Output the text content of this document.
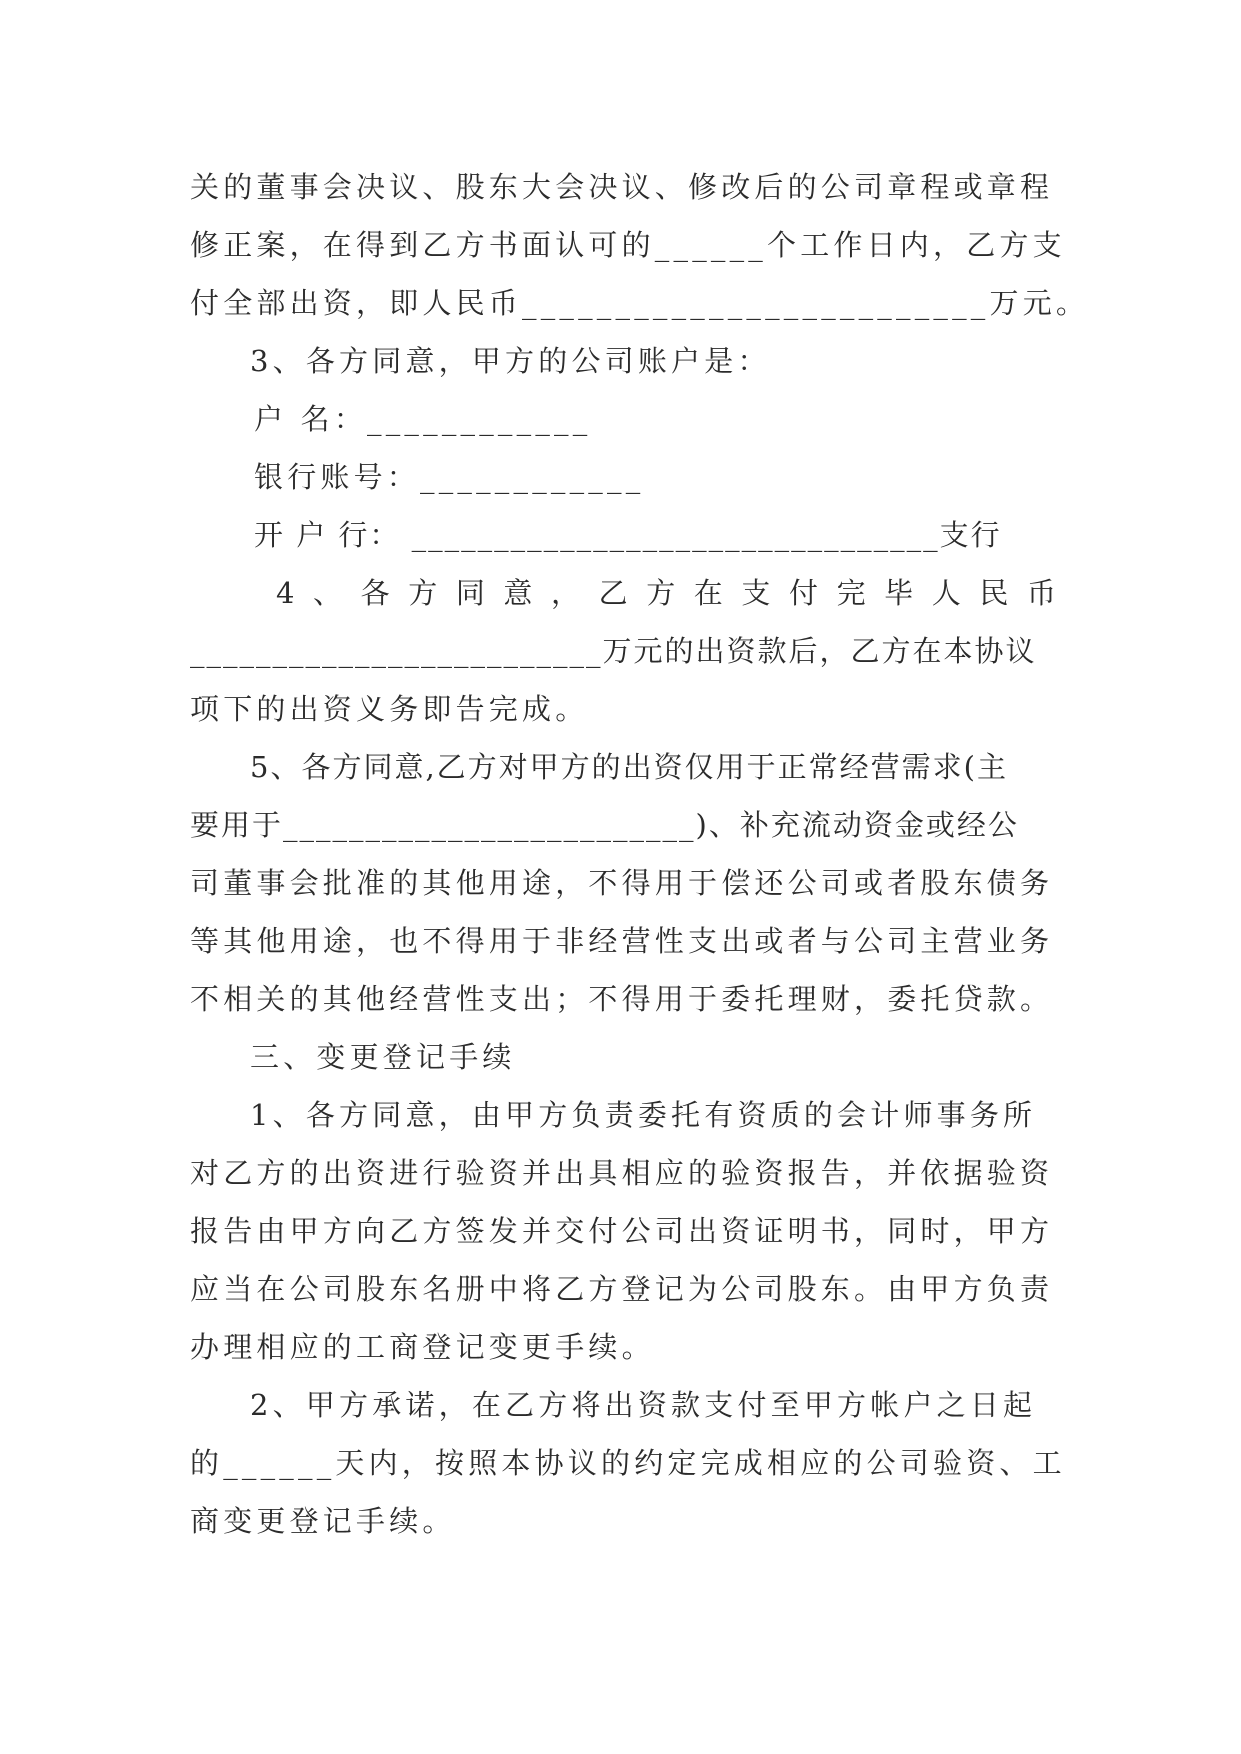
关的董事会决议、股东大会决议、修改后的公司章程或章程
修正案，在得到乙方书面认可的______个工作日内，乙方支
付全部出资，即人民币_________________________万元。
3、各方同意，甲方的公司账户是：
户 名：____________
银行账号：____________
开 户 行： ________________________________支行
4 、 各 方 同 意 ， 乙 方 在 支 付 完 毕 人 民 币
_________________________万元的出资款后，乙方在本协议
项下的出资义务即告完成。
5、各方同意,乙方对甲方的出资仅用于正常经营需求(主
要用于_________________________)、补充流动资金或经公
司董事会批准的其他用途，不得用于偿还公司或者股东债务
等其他用途，也不得用于非经营性支出或者与公司主营业务
不相关的其他经营性支出；不得用于委托理财，委托贷款。
三、变更登记手续
1、各方同意，由甲方负责委托有资质的会计师事务所
对乙方的出资进行验资并出具相应的验资报告，并依据验资
报告由甲方向乙方签发并交付公司出资证明书，同时，甲方
应当在公司股东名册中将乙方登记为公司股东。由甲方负责
办理相应的工商登记变更手续。
2、甲方承诺，在乙方将出资款支付至甲方帐户之日起
的______天内，按照本协议的约定完成相应的公司验资、工
商变更登记手续。
